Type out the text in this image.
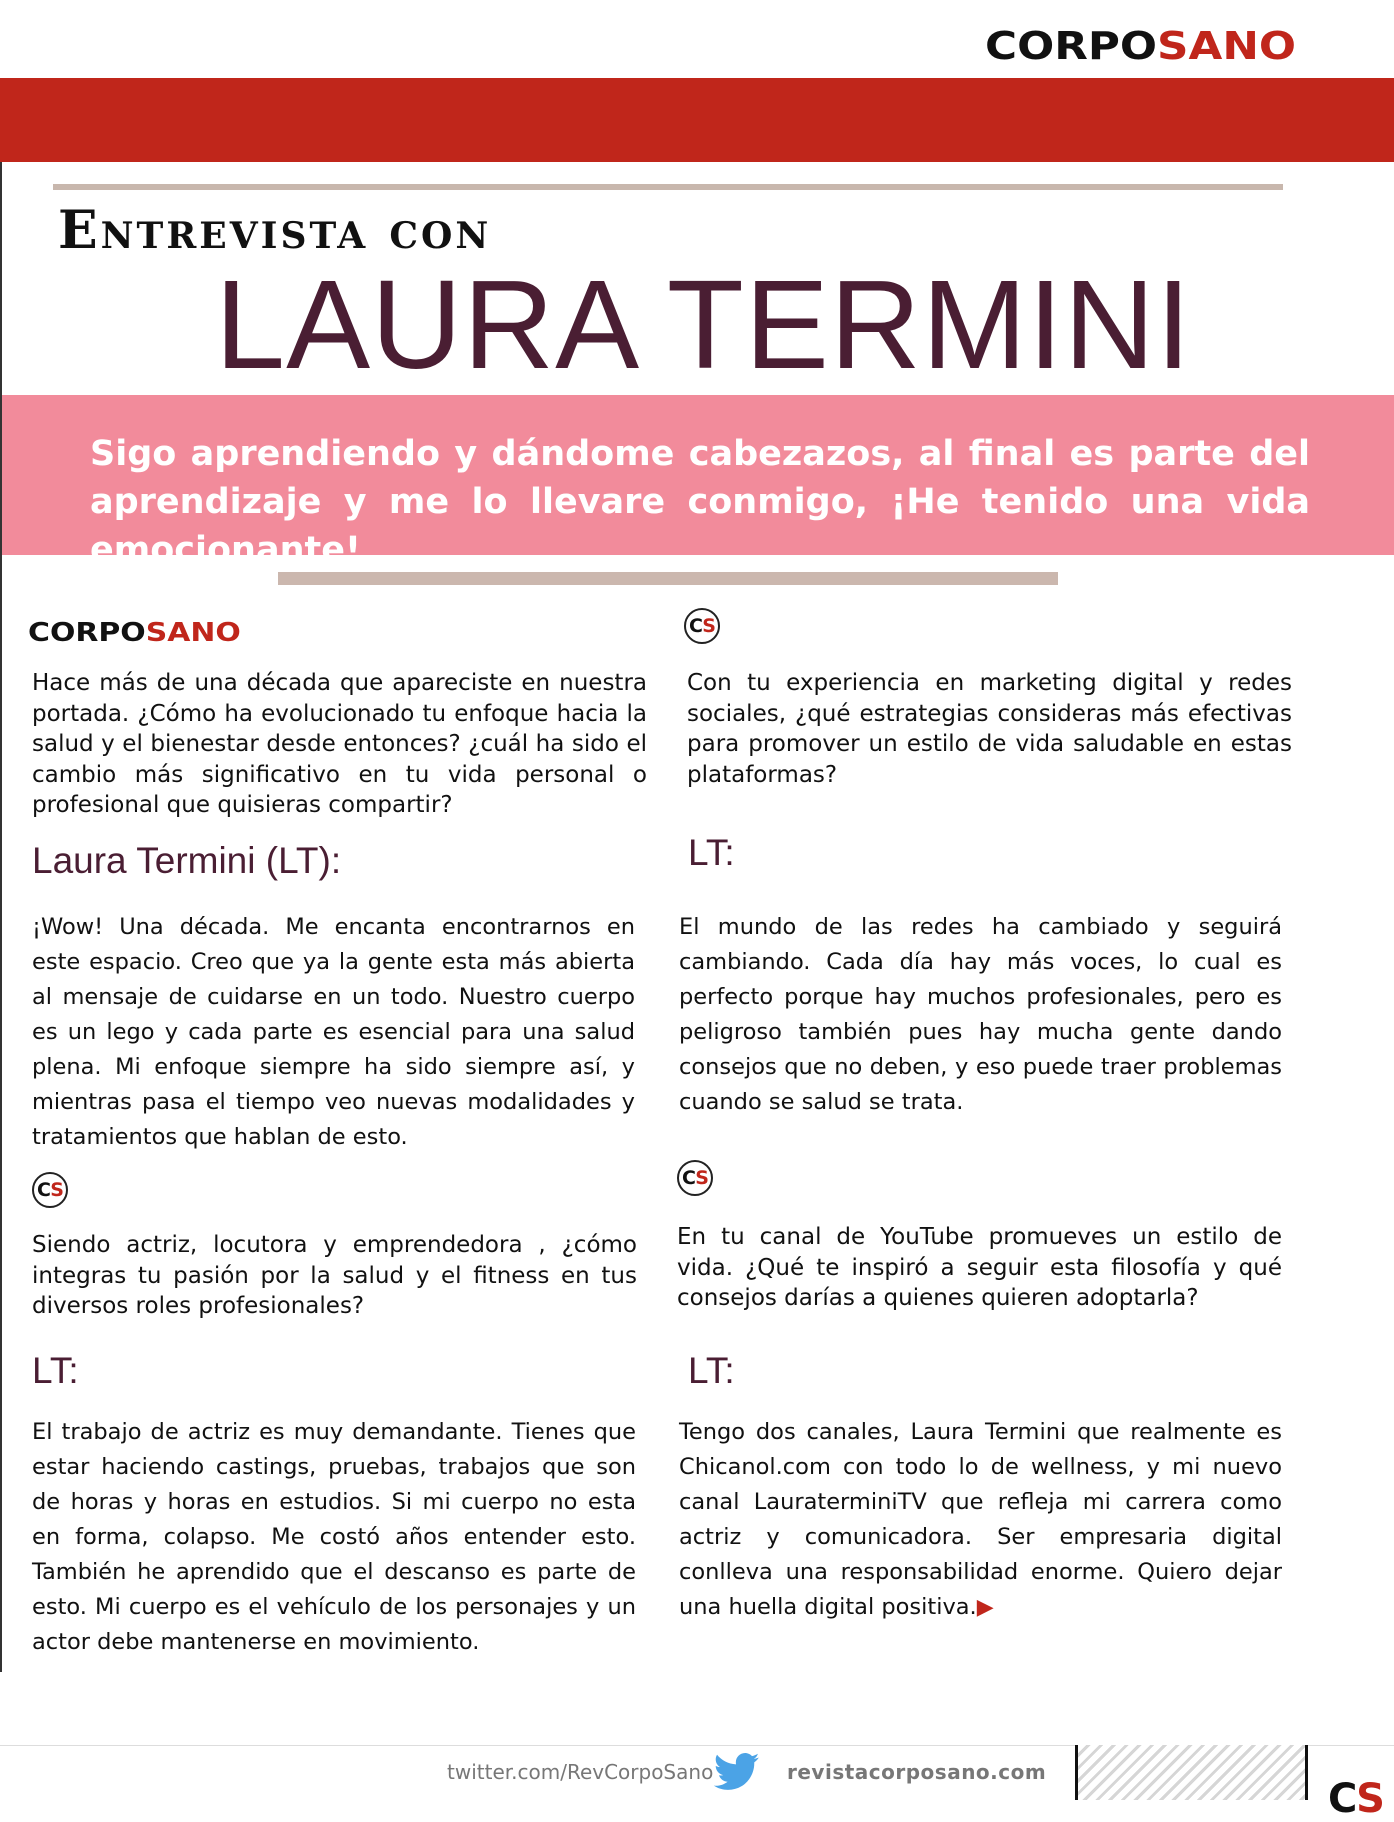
CORPOSANO
Entrevista con
LAURA TERMINI
Sigo aprendiendo y dándome cabezazos, al final es parte del
aprendizaje y me lo llevare conmigo, ¡He tenido una vida emocionante!
CORPOSANO

Hace más de una década que apareciste en nuestra portada. ¿Cómo ha evolucionado tu enfoque hacia la salud y el bienestar desde entonces? ¿cuál ha sido el cambio más significativo en tu vida personal o profesional que quisieras compartir?

Laura Termini (LT):

¡Wow! Una década. Me encanta encontrarnos en este espacio. Creo que ya la gente esta más abierta al mensaje de cuidarse en un todo. Nuestro cuerpo es un lego y cada parte es esencial para una salud plena. Mi enfoque siempre ha sido siempre así, y mientras pasa el tiempo veo nuevas modalidades y tratamientos que hablan de esto.

CS

Siendo actriz, locutora y emprendedora , ¿cómo integras tu pasión por la salud y el fitness en tus diversos roles profesionales?

LT:

El trabajo de actriz es muy demandante. Tienes que estar haciendo castings, pruebas, trabajos que son de horas y horas en estudios. Si mi cuerpo no esta en forma, colapso. Me costó años entender esto. También he aprendido que el descanso es parte de esto. Mi cuerpo es el vehículo de los personajes y un actor debe mantenerse en movimiento.

CS

Con tu experiencia en marketing digital y redes sociales, ¿qué estrategias consideras más efectivas para promover un estilo de vida saludable en estas plataformas?

LT:

El mundo de las redes ha cambiado y seguirá cambiando. Cada día hay más voces, lo cual es perfecto porque hay muchos profesionales, pero es peligroso también pues hay mucha gente dando consejos que no deben, y eso puede traer problemas cuando se salud se trata.

CS

En tu canal de YouTube promueves un estilo de vida. ¿Qué te inspiró a seguir esta filosofía y qué consejos darías a quienes quieren adoptarla?

LT:

Tengo dos canales, Laura Termini que realmente es Chicanol.com con todo lo de wellness, y mi nuevo canal LauraterminiTV que refleja mi carrera como actriz y comunicadora. Ser empresaria digital conlleva una responsabilidad enorme. Quiero dejar una huella digital positiva.▶

twitter.com/RevCorpoSano	revistacorposano.com
CS
